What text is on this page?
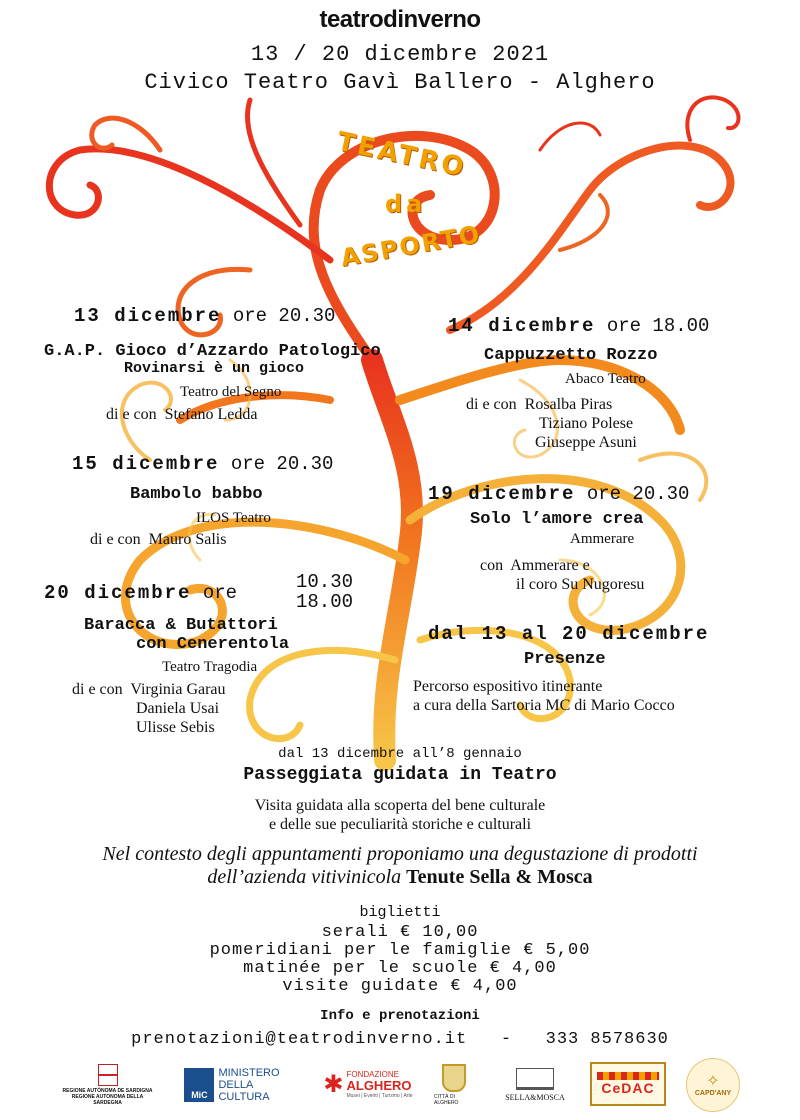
teatrodinverno
13 / 20 dicembre 2021
Civico Teatro Gavì Ballero - Alghero
TEATRO
da
ASPORTO
13 dicembre ore 20.30
G.A.P. Gioco d’Azzardo Patologico
Rovinarsi è un gioco
Teatro del Segno
di e con Stefano Ledda
14 dicembre ore 18.00
Cappuzzetto Rozzo
Abaco Teatro
di e con Rosalba Piras
Tiziano Polese
Giuseppe Asuni
15 dicembre ore 20.30
Bambolo babbo
ILOS Teatro
di e con Mauro Salis
19 dicembre ore 20.30
Solo l’amore crea
Ammerare
con Ammerare e
il coro Su Nugoresu
20 dicembre ore	10.30
18.00
Baracca & Butattori
con Cenerentola
Teatro Tragodia
di e con Virginia Garau
Daniela Usai
Ulisse Sebis
dal 13 al 20 dicembre
Presenze
Percorso espositivo itinerante
a cura della Sartoria MC di Mario Cocco
dal 13 dicembre all’8 gennaio
Passeggiata guidata in Teatro
Visita guidata alla scoperta del bene culturale
e delle sue peculiarità storiche e culturali
Nel contesto degli appuntamenti proponiamo una degustazione di prodotti
dell’azienda vitivinicola Tenute Sella & Mosca
biglietti
serali € 10,00
pomeridiani per le famiglie € 5,00
matinée per le scuole € 4,00
visite guidate € 4,00
Info e prenotazioni
prenotazioni@teatrodinverno.it - 333 8578630
REGIONE AUTÒNOMA DE SARDIGNA
REGIONE AUTONOMA DELLA SARDEGNA
MiC
MINISTERO
DELLA
CULTURA	✱ FONDAZIONE
ALGHERO
Musei | Eventi | Turismo | Arte	CITTÀ DI ALGHERO
SELLA&MOSCA
CeDAC	✧
CAPD'ANY
